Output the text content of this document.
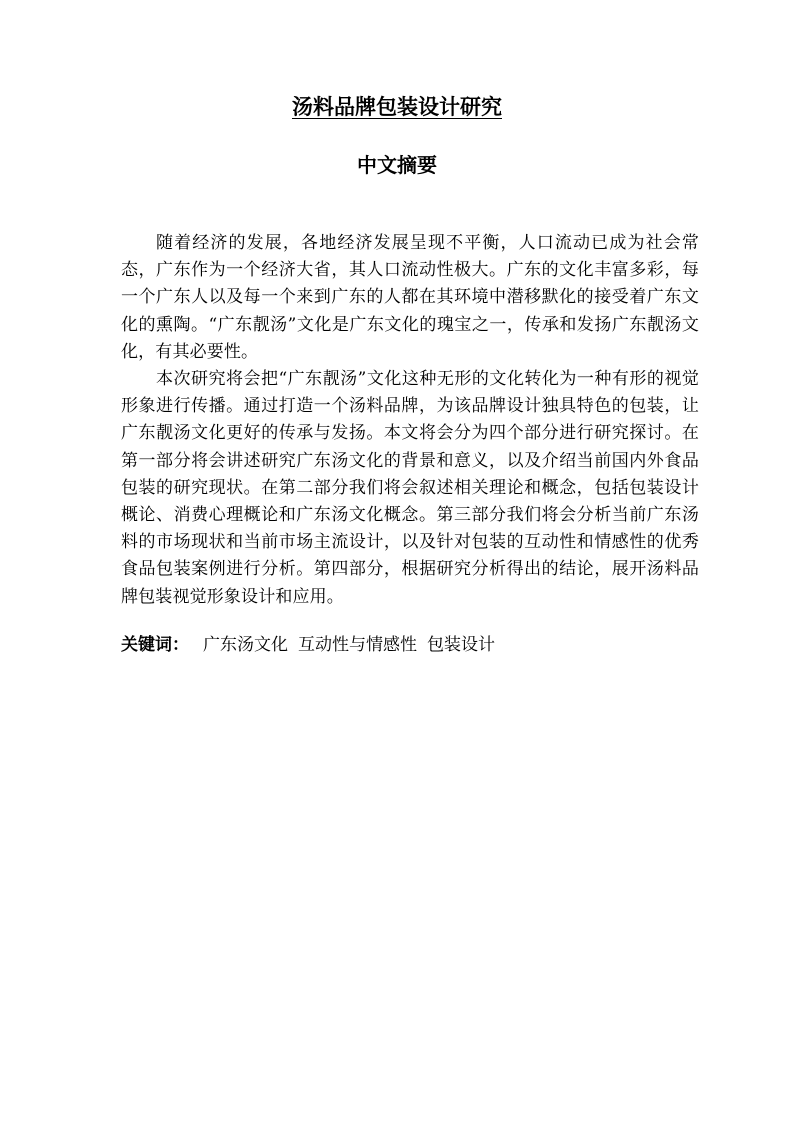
汤料品牌包装设计研究
中文摘要

随着经济的发展，各地经济发展呈现不平衡，人口流动已成为社会常态，广东作为一个经济大省，其人口流动性极大。广东的文化丰富多彩，每一个广东人以及每一个来到广东的人都在其环境中潜移默化的接受着广东文化的熏陶。“广东靓汤”文化是广东文化的瑰宝之一，传承和发扬广东靓汤文化，有其必要性。

本次研究将会把“广东靓汤”文化这种无形的文化转化为一种有形的视觉形象进行传播。通过打造一个汤料品牌，为该品牌设计独具特色的包装，让广东靓汤文化更好的传承与发扬。本文将会分为四个部分进行研究探讨。在第一部分将会讲述研究广东汤文化的背景和意义，以及介绍当前国内外食品包装的研究现状。在第二部分我们将会叙述相关理论和概念，包括包装设计概论、消费心理概论和广东汤文化概念。第三部分我们将会分析当前广东汤料的市场现状和当前市场主流设计，以及针对包装的互动性和情感性的优秀食品包装案例进行分析。第四部分，根据研究分析得出的结论，展开汤料品牌包装视觉形象设计和应用。

关键词： 广东汤文化 互动性与情感性 包装设计
